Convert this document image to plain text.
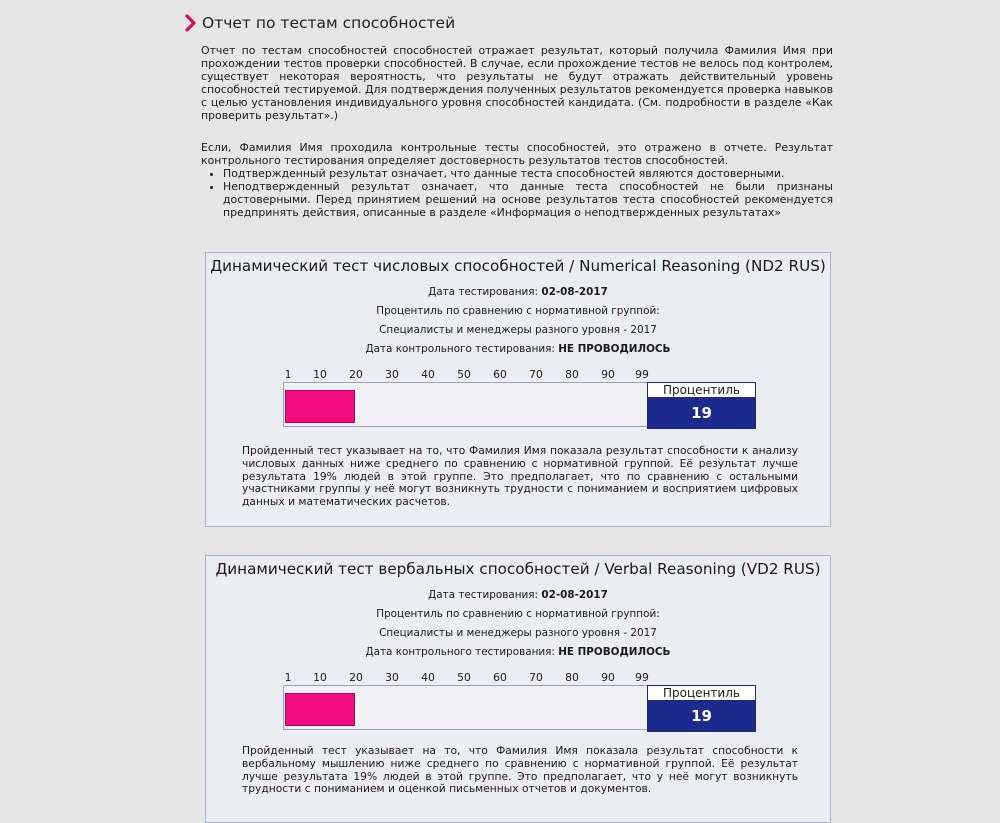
Отчет по тестам способностей
Отчет по тестам способностей способностей отражает результат, который получила Фамилия Имя при прохождении тестов проверки способностей. В случае, если прохождение тестов не велось под контролем, существует некоторая вероятность, что результаты не будут отражать действительный уровень способностей тестируемой. Для подтверждения полученных результатов рекомендуется проверка навыков с целью установления индивидуального уровня способностей кандидата. (См. подробности в разделе «Как проверить результат».)
Если, Фамилия Имя проходила контрольные тесты способностей, это отражено в отчете. Результат контрольного тестирования определяет достоверность результатов тестов способностей.
• Подтвержденный результат означает, что данные теста способностей являются достоверными.
• Неподтвержденный результат означает, что данные теста способностей не были признаны достоверными. Перед принятием решений на основе результатов теста способностей рекомендуется предпринять действия, описанные в разделе «Информация о неподтвержденных результатах»
Динамический тест числовых способностей / Numerical Reasoning (ND2 RUS)
Дата тестирования: 02-08-2017
Процентиль по сравнению с нормативной группой:
Специалисты и менеджеры разного уровня - 2017
Дата контрольного тестирования: НЕ ПРОВОДИЛОСЬ
1 10 20 30 40 50 60 70 80 90 99
Процентиль
19
Пройденный тест указывает на то, что Фамилия Имя показала результат способности к анализу числовых данных ниже среднего по сравнению с нормативной группой. Её результат лучше результата 19% людей в этой группе. Это предполагает, что по сравнению с остальными участниками группы у неё могут возникнуть трудности с пониманием и восприятием цифровых данных и математических расчетов.
Динамический тест вербальных способностей / Verbal Reasoning (VD2 RUS)
Дата тестирования: 02-08-2017
Процентиль по сравнению с нормативной группой:
Специалисты и менеджеры разного уровня - 2017
Дата контрольного тестирования: НЕ ПРОВОДИЛОСЬ
1 10 20 30 40 50 60 70 80 90 99
Процентиль
19
Пройденный тест указывает на то, что Фамилия Имя показала результат способности к вербальному мышлению ниже среднего по сравнению с нормативной группой. Её результат лучше результата 19% людей в этой группе. Это предполагает, что у неё могут возникнуть трудности с пониманием и оценкой письменных отчетов и документов.
